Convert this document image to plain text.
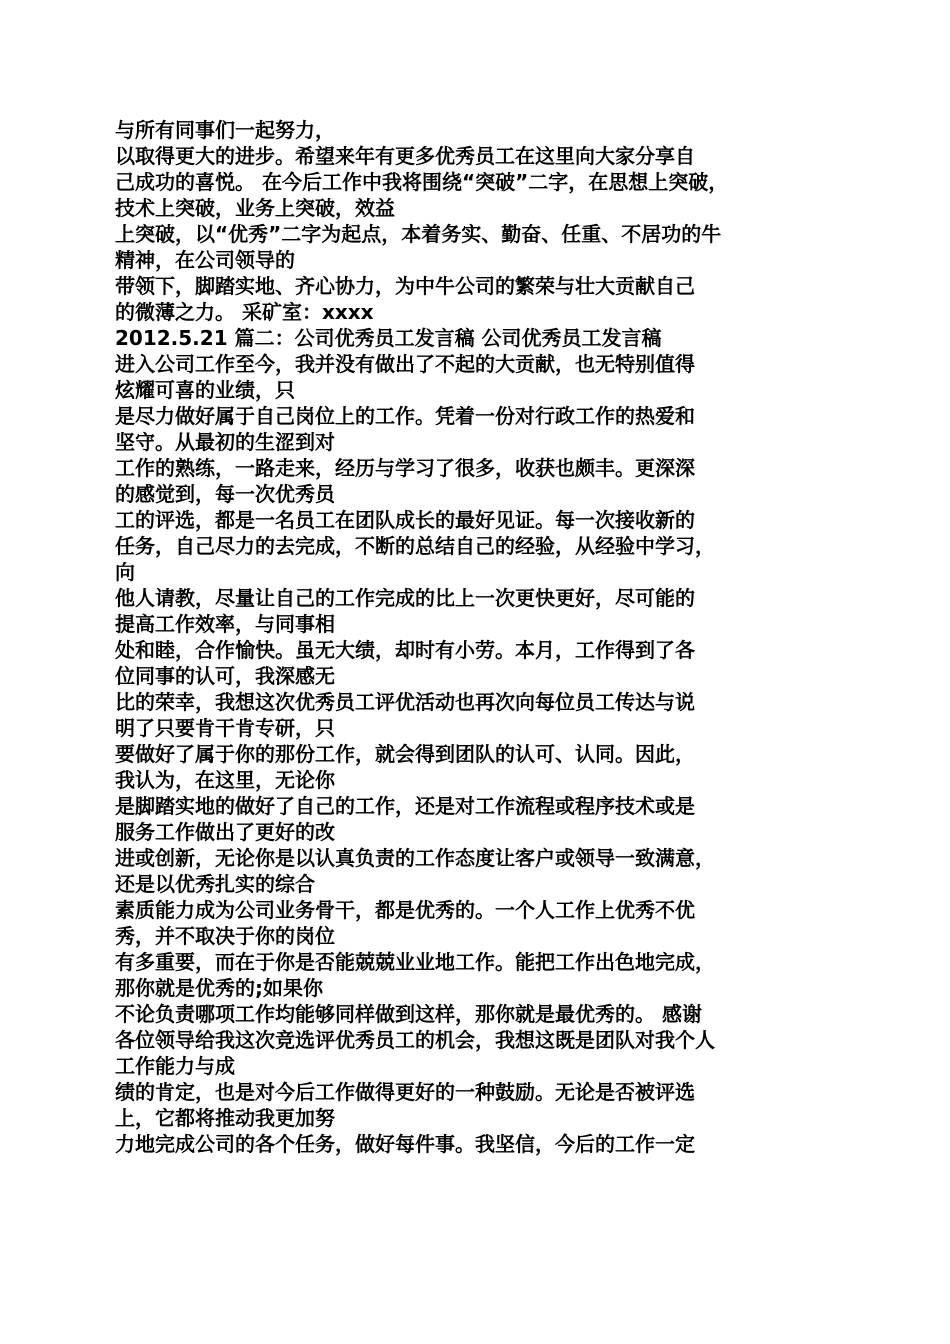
与所有同事们一起努力，
以取得更大的进步。希望来年有更多优秀员工在这里向大家分享自
己成功的喜悦。 在今后工作中我将围绕“突破”二字，在思想上突破，
技术上突破，业务上突破，效益
上突破，以“优秀”二字为起点，本着务实、勤奋、任重、不居功的牛
精神，在公司领导的
带领下，脚踏实地、齐心协力，为中牛公司的繁荣与壮大贡献自己
的微薄之力。 采矿室：xxxx
2012.5.21 篇二：公司优秀员工发言稿 公司优秀员工发言稿
进入公司工作至今，我并没有做出了不起的大贡献，也无特别值得
炫耀可喜的业绩，只
是尽力做好属于自己岗位上的工作。凭着一份对行政工作的热爱和
坚守。从最初的生涩到对
工作的熟练，一路走来，经历与学习了很多，收获也颇丰。更深深
的感觉到，每一次优秀员
工的评选，都是一名员工在团队成长的最好见证。每一次接收新的
任务，自己尽力的去完成，不断的总结自己的经验，从经验中学习，
向
他人请教，尽量让自己的工作完成的比上一次更快更好，尽可能的
提高工作效率，与同事相
处和睦，合作愉快。虽无大绩，却时有小劳。本月，工作得到了各
位同事的认可，我深感无
比的荣幸，我想这次优秀员工评优活动也再次向每位员工传达与说
明了只要肯干肯专研，只
要做好了属于你的那份工作，就会得到团队的认可、认同。因此，
我认为，在这里，无论你
是脚踏实地的做好了自己的工作，还是对工作流程或程序技术或是
服务工作做出了更好的改
进或创新，无论你是以认真负责的工作态度让客户或领导一致满意，
还是以优秀扎实的综合
素质能力成为公司业务骨干，都是优秀的。一个人工作上优秀不优
秀，并不取决于你的岗位
有多重要，而在于你是否能兢兢业业地工作。能把工作出色地完成，
那你就是优秀的;如果你
不论负责哪项工作均能够同样做到这样，那你就是最优秀的。 感谢
各位领导给我这次竞选评优秀员工的机会，我想这既是团队对我个人
工作能力与成
绩的肯定，也是对今后工作做得更好的一种鼓励。无论是否被评选
上，它都将推动我更加努
力地完成公司的各个任务，做好每件事。我坚信，今后的工作一定
